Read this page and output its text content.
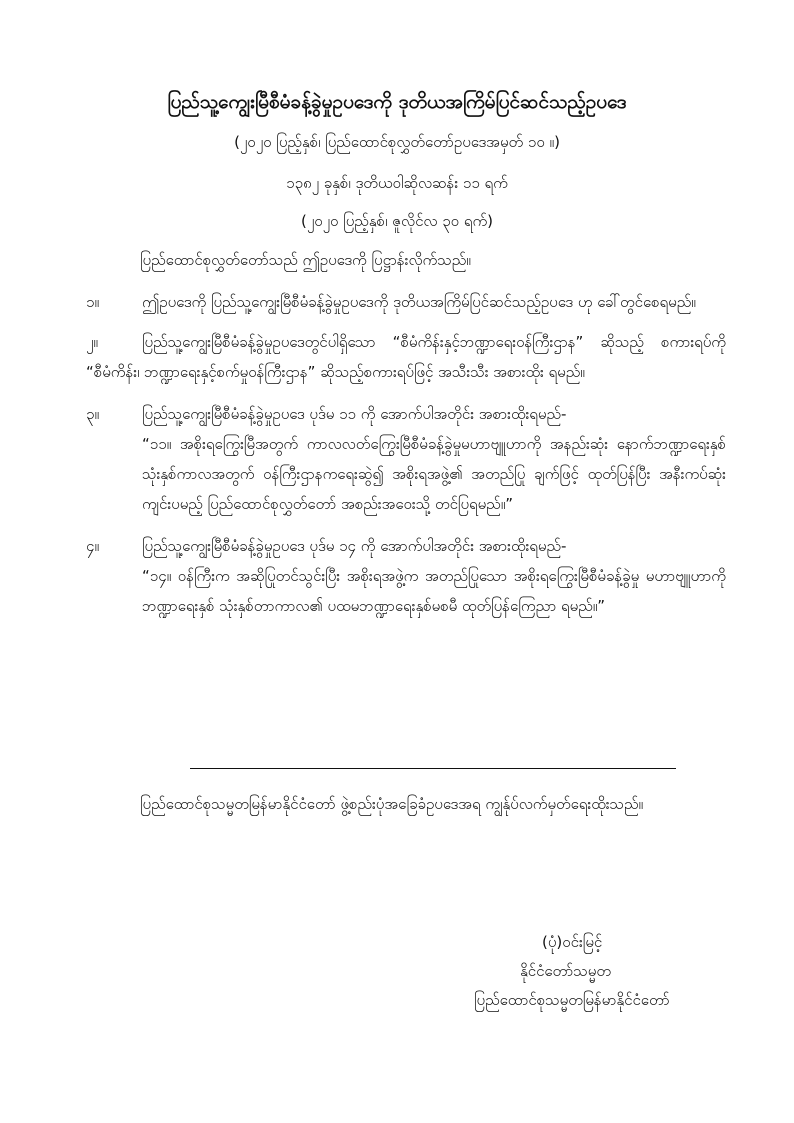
ပြည်သူ့ကျွေးမြီစီမံခန့်ခွဲမှုဥပဒေကို ဒုတိယအကြိမ်ပြင်ဆင်သည့်ဥပဒေ
(၂၀၂၀ ပြည့်နှစ်၊ ပြည်ထောင်စုလွှတ်တော်ဥပဒေအမှတ် ၁၀ ။)
၁၃၈၂ ခုနှစ်၊ ဒုတိယဝါဆိုလဆန်း ၁၁ ရက်
(၂၀၂၀ ပြည့်နှစ်၊ ဇူလိုင်လ ၃၀ ရက်)
ပြည်ထောင်စုလွှတ်တော်သည် ဤဥပဒေကို ပြဋ္ဌာန်းလိုက်သည်။
၁။	ဤဥပဒေကို ပြည်သူ့ကျွေးမြီစီမံခန့်ခွဲမှုဥပဒေကို ဒုတိယအကြိမ်ပြင်ဆင်သည့်ဥပဒေ ဟု ခေါ်တွင်စေရမည်။
၂။	ပြည်သူ့ကျွေးမြီစီမံခန့်ခွဲမှုဥပဒေတွင်ပါရှိသော “စီမံကိန်းနှင့်ဘဏ္ဍာရေးဝန်ကြီးဌာန” ဆိုသည့် စကားရပ်ကို “စီမံကိန်း၊ ဘဏ္ဍာရေးနှင့်စက်မှုဝန်ကြီးဌာန” ဆိုသည့်စကားရပ်ဖြင့် အသီးသီး အစားထိုး ရမည်။
၃။	ပြည်သူ့ကျွေးမြီစီမံခန့်ခွဲမှုဥပဒေ ပုဒ်မ ၁၁ ကို အောက်ပါအတိုင်း အစားထိုးရမည်-
“၁၁။ အစိုးရကြွေးမြီအတွက် ကာလလတ်ကြွေးမြီစီမံခန့်ခွဲမှုမဟာဗျူဟာကို အနည်းဆုံး နောက်ဘဏ္ဍာရေးနှစ် သုံးနှစ်ကာလအတွက် ဝန်ကြီးဌာနကရေးဆွဲ၍ အစိုးရအဖွဲ့၏ အတည်ပြု ချက်ဖြင့် ထုတ်ပြန်ပြီး အနီးကပ်ဆုံးကျင်းပမည့် ပြည်ထောင်စုလွှတ်တော် အစည်းအဝေးသို့ တင်ပြရမည်။”
၄။	ပြည်သူ့ကျွေးမြီစီမံခန့်ခွဲမှုဥပဒေ ပုဒ်မ ၁၄ ကို အောက်ပါအတိုင်း အစားထိုးရမည်-
“၁၄။ ဝန်ကြီးက အဆိုပြုတင်သွင်းပြီး အစိုးရအဖွဲ့က အတည်ပြုသော အစိုးရကြွေးမြီစီမံခန့်ခွဲမှု မဟာဗျူဟာကို ဘဏ္ဍာရေးနှစ် သုံးနှစ်တာကာလ၏ ပထမဘဏ္ဍာရေးနှစ်မစမီ ထုတ်ပြန်ကြေညာ ရမည်။”
ပြည်ထောင်စုသမ္မတမြန်မာနိုင်ငံတော် ဖွဲ့စည်းပုံအခြေခံဥပဒေအရ ကျွန်ုပ်လက်မှတ်ရေးထိုးသည်။
(ပုံ)ဝင်းမြင့်
နိုင်ငံတော်သမ္မတ
ပြည်ထောင်စုသမ္မတမြန်မာနိုင်ငံတော်
